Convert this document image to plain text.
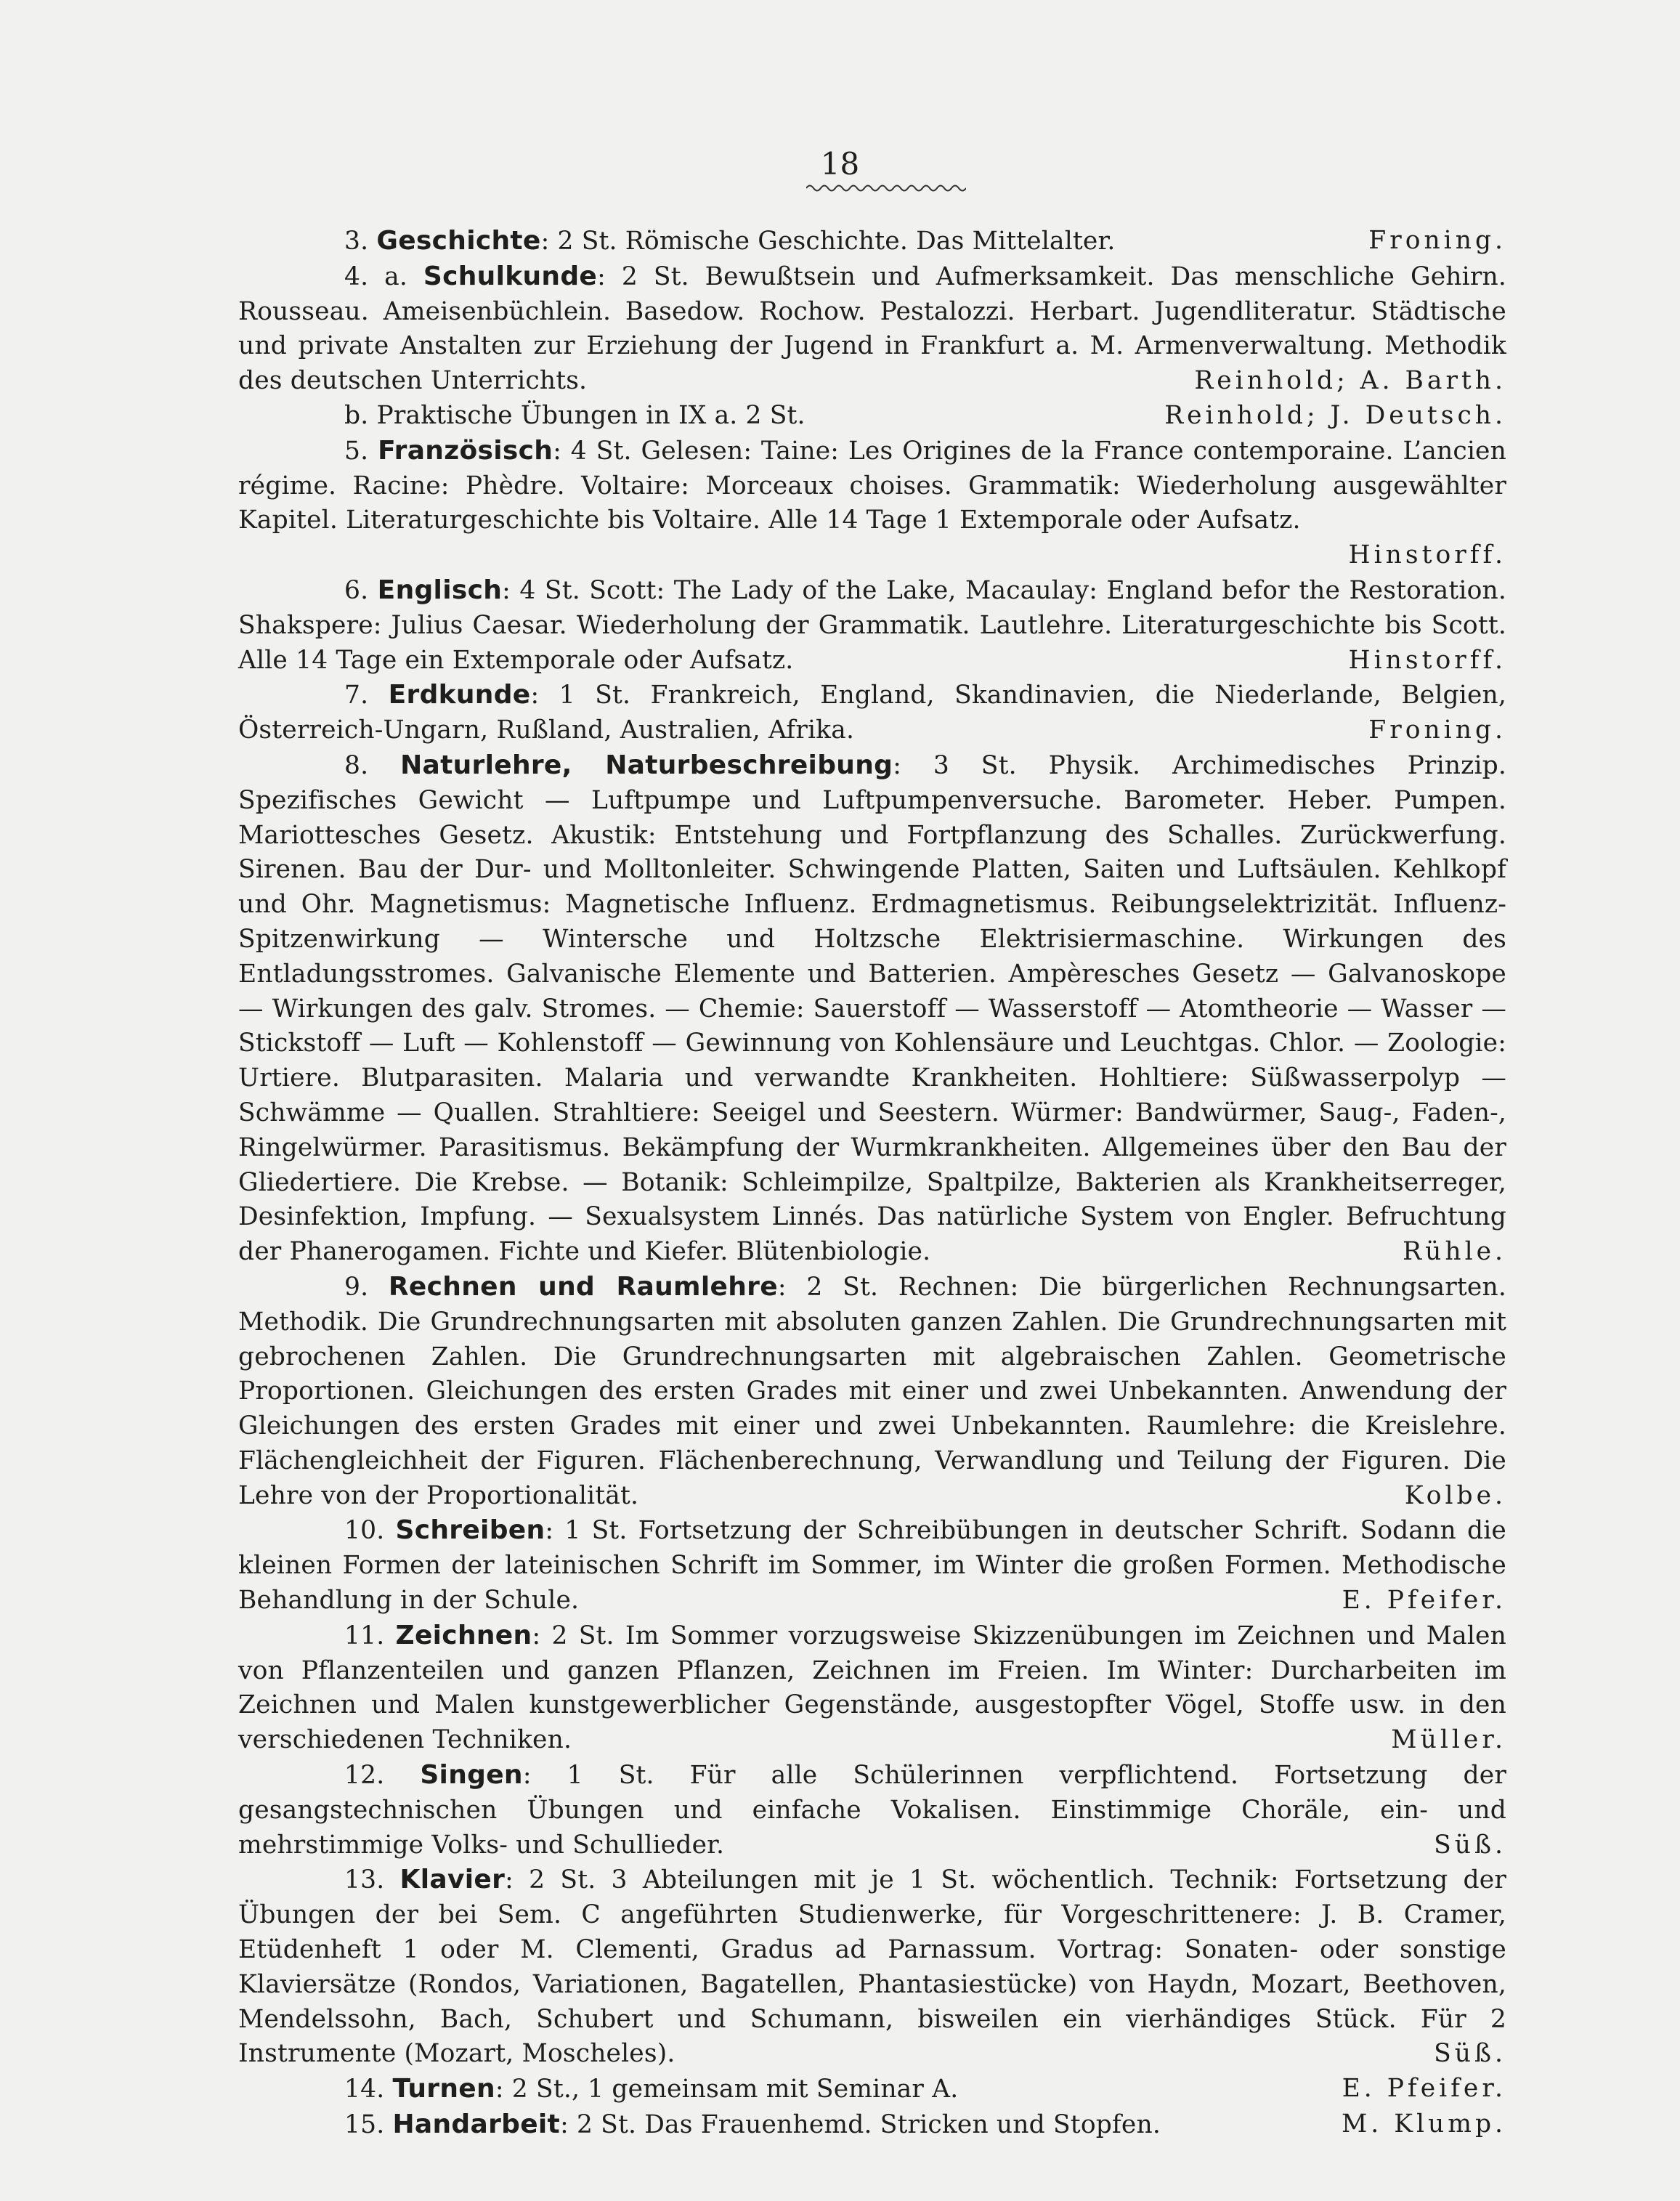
18

Froning.
3. Geschichte: 2 St. Römische Geschichte. Das Mittelalter.

4. a. Schulkunde: 2 St. Bewußtsein und Aufmerksamkeit. Das menschliche Gehirn. Rousseau. Ameisenbüchlein. Basedow. Rochow. Pestalozzi. Herbart. Jugendliteratur. Städtische und private Anstalten zur Erziehung der Jugend in Frankfurt a. M. Armenverwaltung. Methodik des deutschen Unterrichts.	Reinhold; A. Barth.

Reinhold; J. Deutsch.
b. Praktische Übungen in IX a. 2 St.

5. Französisch: 4 St. Gelesen: Taine: Les Origines de la France contemporaine. L’ancien régime. Racine: Phèdre. Voltaire: Morceaux choises. Grammatik: Wiederholung ausgewählter Kapitel. Literaturgeschichte bis Voltaire. Alle 14 Tage 1 Extemporale oder Aufsatz.
Hinstorff.

6. Englisch: 4 St. Scott: The Lady of the Lake, Macaulay: England befor the Restoration. Shakspere: Julius Caesar. Wiederholung der Grammatik. Lautlehre. Literaturgeschichte bis Scott. Alle 14 Tage ein Extemporale oder Aufsatz.	Hinstorff.

7. Erdkunde: 1 St. Frankreich, England, Skandinavien, die Niederlande, Belgien, Österreich-Ungarn, Rußland, Australien, Afrika.	Froning.

8. Naturlehre, Naturbeschreibung: 3 St. Physik. Archimedisches Prinzip. Spezifisches Gewicht — Luftpumpe und Luftpumpenversuche. Barometer. Heber. Pumpen. Mariottesches Gesetz. Akustik: Entstehung und Fortpflanzung des Schalles. Zurückwerfung. Sirenen. Bau der Dur- und Molltonleiter. Schwingende Platten, Saiten und Luftsäulen. Kehlkopf und Ohr. Magnetismus: Magnetische Influenz. Erdmagnetismus. Reibungselektrizität. Influenz-Spitzenwirkung — Wintersche und Holtzsche Elektrisiermaschine. Wirkungen des Entladungsstromes. Galvanische Elemente und Batterien. Ampèresches Gesetz — Galvanoskope — Wirkungen des galv. Stromes. — Chemie: Sauerstoff — Wasserstoff — Atomtheorie — Wasser — Stickstoff — Luft — Kohlenstoff — Gewinnung von Kohlensäure und Leuchtgas. Chlor. — Zoologie: Urtiere. Blutparasiten. Malaria und verwandte Krankheiten. Hohltiere: Süßwasserpolyp — Schwämme — Quallen. Strahltiere: Seeigel und Seestern. Würmer: Bandwürmer, Saug-, Faden-, Ringelwürmer. Parasitismus. Bekämpfung der Wurmkrankheiten. Allgemeines über den Bau der Gliedertiere. Die Krebse. — Botanik: Schleimpilze, Spaltpilze, Bakterien als Krankheitserreger, Desinfektion, Impfung. — Sexualsystem Linnés. Das natürliche System von Engler. Befruchtung der Phanerogamen. Fichte und Kiefer. Blütenbiologie.	Rühle.

9. Rechnen und Raumlehre: 2 St. Rechnen: Die bürgerlichen Rechnungsarten. Methodik. Die Grundrechnungsarten mit absoluten ganzen Zahlen. Die Grundrechnungsarten mit gebrochenen Zahlen. Die Grundrechnungsarten mit algebraischen Zahlen. Geometrische Proportionen. Gleichungen des ersten Grades mit einer und zwei Unbekannten. Anwendung der Gleichungen des ersten Grades mit einer und zwei Unbekannten. Raumlehre: die Kreislehre. Flächengleichheit der Figuren. Flächenberechnung, Verwandlung und Teilung der Figuren. Die Lehre von der Proportionalität.	Kolbe.

10. Schreiben: 1 St. Fortsetzung der Schreibübungen in deutscher Schrift. Sodann die kleinen Formen der lateinischen Schrift im Sommer, im Winter die großen Formen. Methodische Behandlung in der Schule.	E. Pfeifer.

11. Zeichnen: 2 St. Im Sommer vorzugsweise Skizzenübungen im Zeichnen und Malen von Pflanzenteilen und ganzen Pflanzen, Zeichnen im Freien. Im Winter: Durcharbeiten im Zeichnen und Malen kunstgewerblicher Gegenstände, ausgestopfter Vögel, Stoffe usw. in den verschiedenen Techniken.	Müller.

12. Singen: 1 St. Für alle Schülerinnen verpflichtend. Fortsetzung der gesangstechnischen Übungen und einfache Vokalisen. Einstimmige Choräle, ein- und mehrstimmige Volks- und Schullieder.	Süß.

13. Klavier: 2 St. 3 Abteilungen mit je 1 St. wöchentlich. Technik: Fortsetzung der Übungen der bei Sem. C angeführten Studienwerke, für Vorgeschrittenere: J. B. Cramer, Etüdenheft 1 oder M. Clementi, Gradus ad Parnassum. Vortrag: Sonaten- oder sonstige Klaviersätze (Rondos, Variationen, Bagatellen, Phantasiestücke) von Haydn, Mozart, Beethoven, Mendelssohn, Bach, Schubert und Schumann, bisweilen ein vierhändiges Stück. Für 2 Instrumente (Mozart, Moscheles).	Süß.

E. Pfeifer.
14. Turnen: 2 St., 1 gemeinsam mit Seminar A.

M. Klump.
15. Handarbeit: 2 St. Das Frauenhemd. Stricken und Stopfen.
